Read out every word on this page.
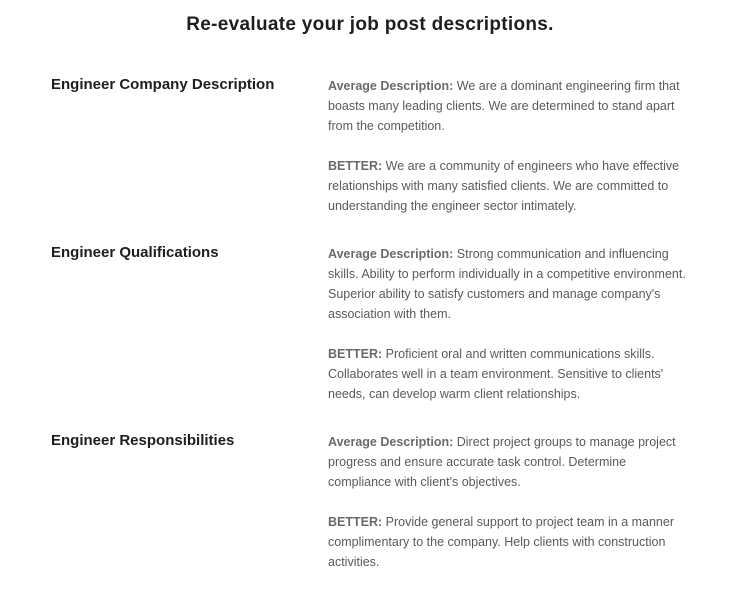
Re-evaluate your job post descriptions.
Engineer Company Description	Average Description: We are a dominant engineering firm that boasts many leading clients. We are determined to stand apart from the competition.

BETTER: We are a community of engineers who have effective relationships with many satisfied clients. We are committed to understanding the engineer sector intimately.

Engineer Qualifications	Average Description: Strong communication and influencing skills. Ability to perform individually in a competitive environment. Superior ability to satisfy customers and manage company's association with them.

BETTER: Proficient oral and written communications skills. Collaborates well in a team environment. Sensitive to clients' needs, can develop warm client relationships.

Engineer Responsibilities	Average Description: Direct project groups to manage project progress and ensure accurate task control. Determine compliance with client's objectives.

BETTER: Provide general support to project team in a manner complimentary to the company. Help clients with construction activities.
